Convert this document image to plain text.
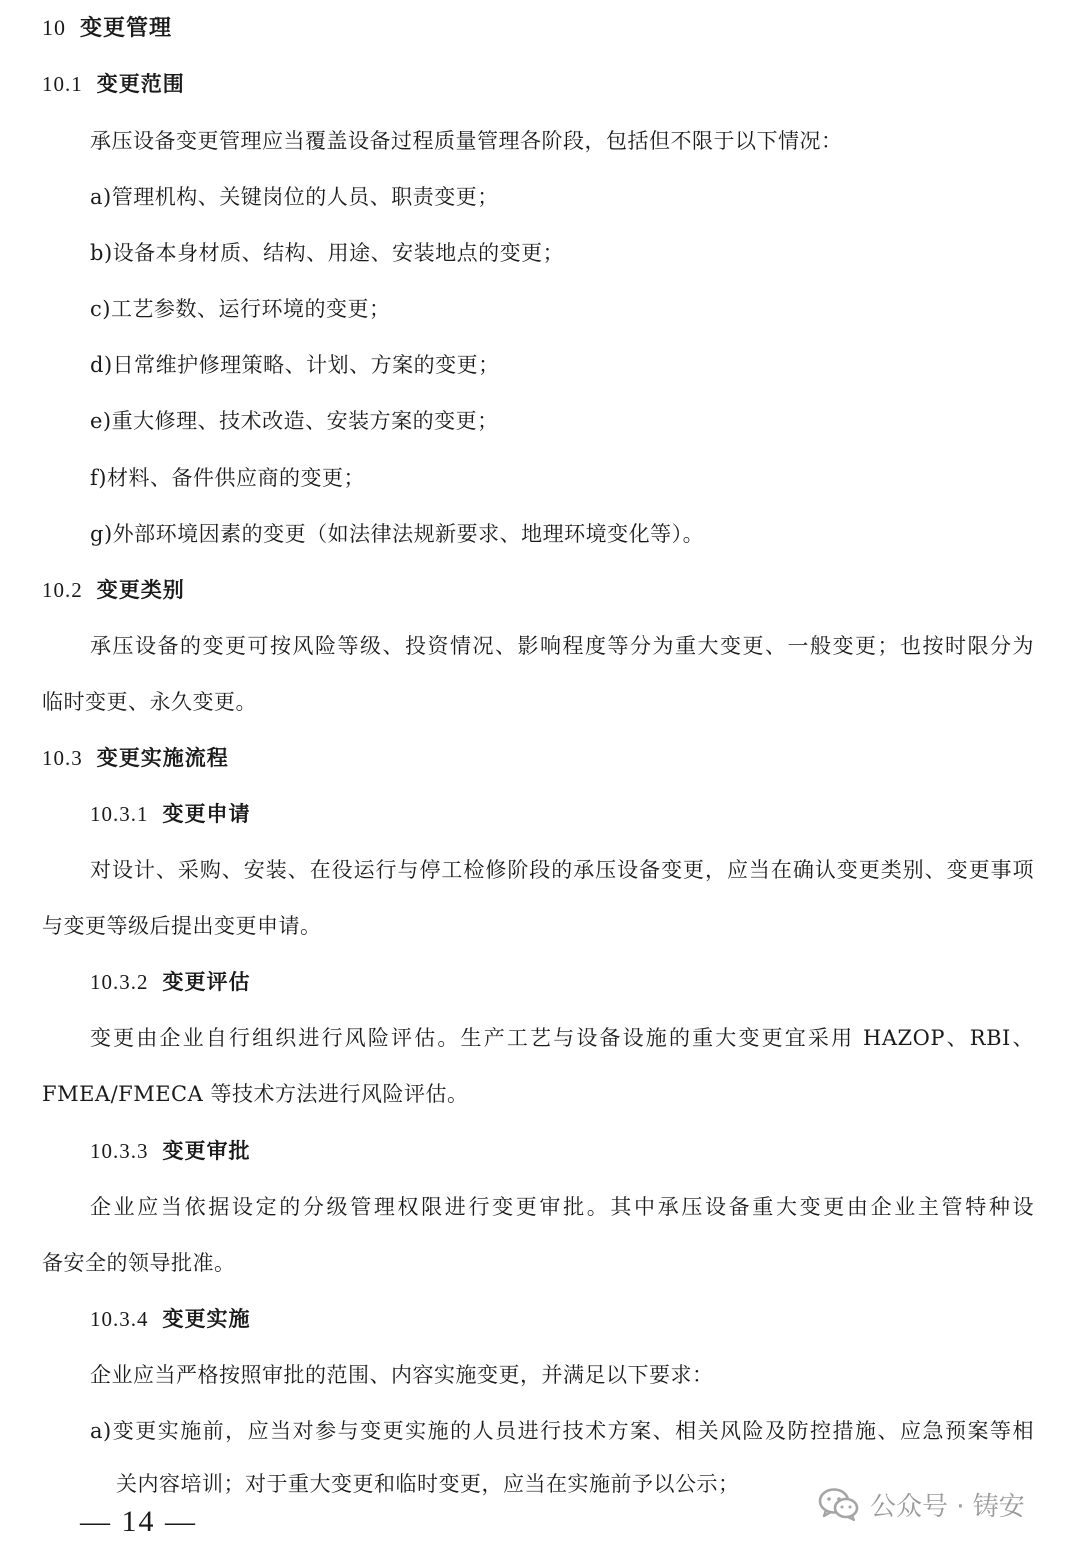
10 变更管理
10.1 变更范围
承压设备变更管理应当覆盖设备过程质量管理各阶段，包括但不限于以下情况：
a)管理机构、关键岗位的人员、职责变更；
b)设备本身材质、结构、用途、安装地点的变更；
c)工艺参数、运行环境的变更；
d)日常维护修理策略、计划、方案的变更；
e)重大修理、技术改造、安装方案的变更；
f)材料、备件供应商的变更；
g)外部环境因素的变更（如法律法规新要求、地理环境变化等）。
10.2 变更类别
承压设备的变更可按风险等级、投资情况、影响程度等分为重大变更、一般变更；也按时限分为
临时变更、永久变更。
10.3 变更实施流程
10.3.1 变更申请
对设计、采购、安装、在役运行与停工检修阶段的承压设备变更，应当在确认变更类别、变更事项
与变更等级后提出变更申请。
10.3.2 变更评估
变更由企业自行组织进行风险评估。生产工艺与设备设施的重大变更宜采用 HAZOP、RBI、
FMEA/FMECA 等技术方法进行风险评估。
10.3.3 变更审批
企业应当依据设定的分级管理权限进行变更审批。其中承压设备重大变更由企业主管特种设
备安全的领导批准。
10.3.4 变更实施
企业应当严格按照审批的范围、内容实施变更，并满足以下要求：
a)变更实施前，应当对参与变更实施的人员进行技术方案、相关风险及防控措施、应急预案等相
关内容培训；对于重大变更和临时变更，应当在实施前予以公示；
— 14 —	公众号 · 铸安
